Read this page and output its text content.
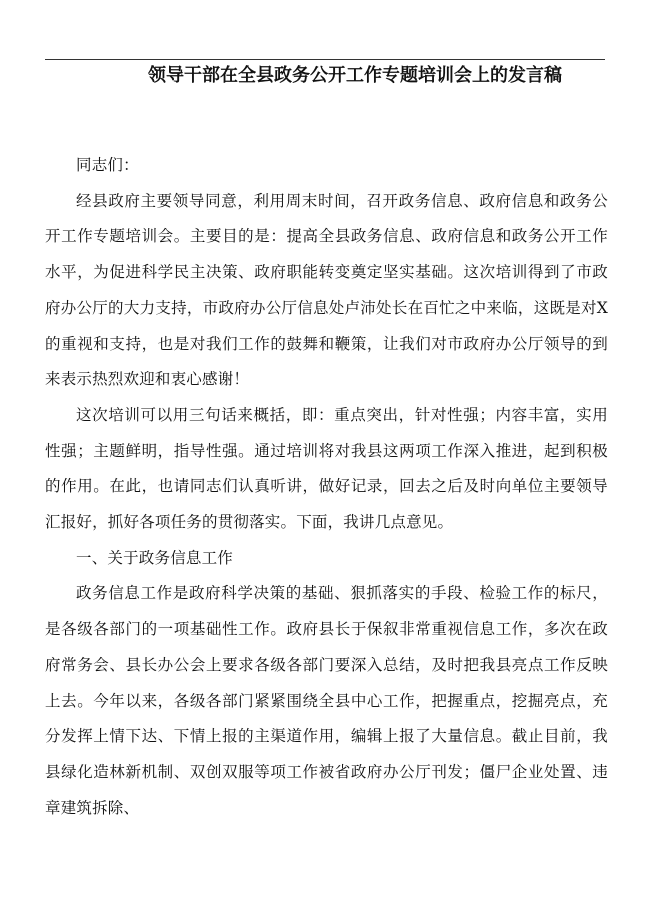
领导干部在全县政务公开工作专题培训会上的发言稿

同志们：

经县政府主要领导同意，利用周末时间，召开政务信息、政府信息和政务公开工作专题培训会。主要目的是：提高全县政务信息、政府信息和政务公开工作水平，为促进科学民主决策、政府职能转变奠定坚实基础。这次培训得到了市政府办公厅的大力支持，市政府办公厅信息处卢沛处长在百忙之中来临，这既是对X的重视和支持，也是对我们工作的鼓舞和鞭策，让我们对市政府办公厅领导的到来表示热烈欢迎和衷心感谢！

这次培训可以用三句话来概括，即：重点突出，针对性强；内容丰富，实用性强；主题鲜明，指导性强。通过培训将对我县这两项工作深入推进，起到积极的作用。在此，也请同志们认真听讲，做好记录，回去之后及时向单位主要领导汇报好，抓好各项任务的贯彻落实。下面，我讲几点意见。

一、关于政务信息工作

政务信息工作是政府科学决策的基础、狠抓落实的手段、检验工作的标尺，是各级各部门的一项基础性工作。政府县长于保叙非常重视信息工作，多次在政府常务会、县长办公会上要求各级各部门要深入总结，及时把我县亮点工作反映上去。今年以来，各级各部门紧紧围绕全县中心工作，把握重点，挖掘亮点，充分发挥上情下达、下情上报的主渠道作用，编辑上报了大量信息。截止目前，我县绿化造林新机制、双创双服等项工作被省政府办公厅刊发；僵尸企业处置、违章建筑拆除、
